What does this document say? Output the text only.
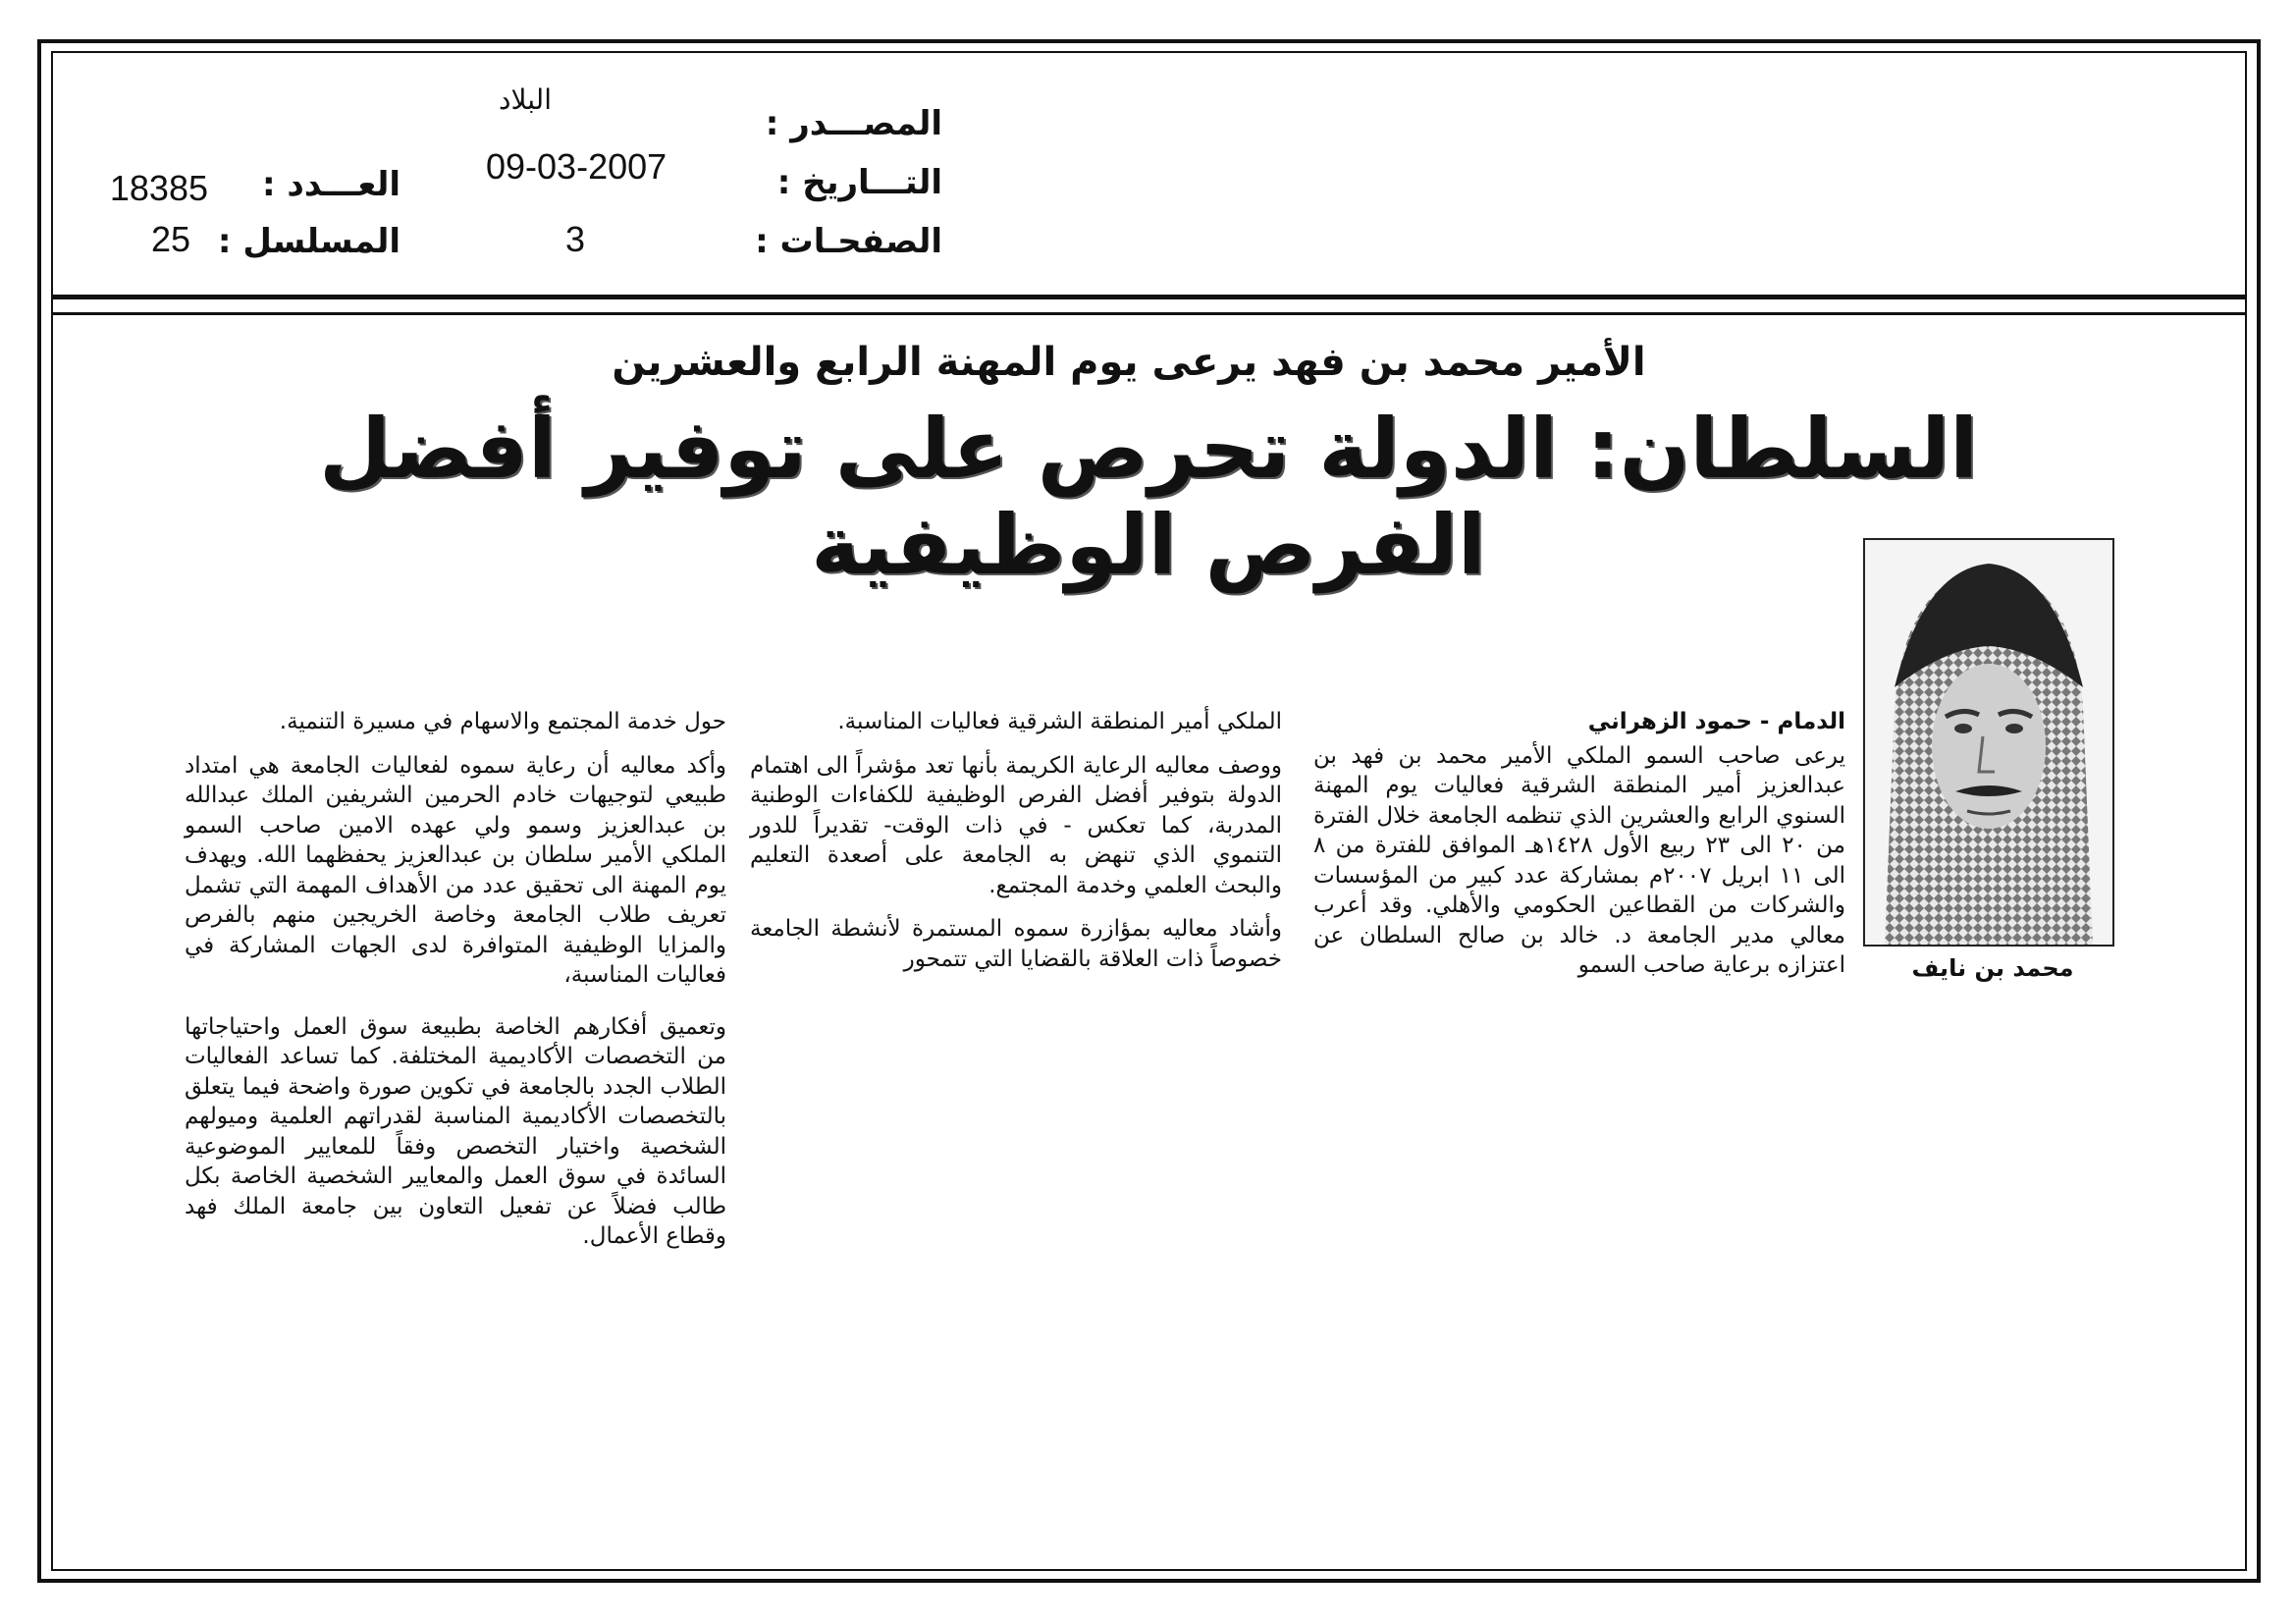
المصـــدر :
البلاد
التـــاريخ :
09-03-2007
الصفحـات :
3
العـــدد :
18385
المسلسل :
25
الأمير محمد بن فهد يرعى يوم المهنة الرابع والعشرين
السلطان: الدولة تحرص على توفير أفضل الفرص الوظيفية
محمد بن نايف
الدمام - حمود الزهراني
يرعى صاحب السمو الملكي الأمير محمد بن فهد بن عبدالعزيز أمير المنطقة الشرقية فعاليات يوم المهنة السنوي الرابع والعشرين الذي تنظمه الجامعة خلال الفترة من ٢٠ الى ٢٣ ربيع الأول ١٤٢٨هـ الموافق للفترة من ٨ الى ١١ ابريل ٢٠٠٧م بمشاركة عدد كبير من المؤسسات والشركات من القطاعين الحكومي والأهلي. وقد أعرب معالي مدير الجامعة د. خالد بن صالح السلطان عن اعتزازه برعاية صاحب السمو
الملكي أمير المنطقة الشرقية فعاليات المناسبة.
ووصف معاليه الرعاية الكريمة بأنها تعد مؤشراً الى اهتمام الدولة بتوفير أفضل الفرص الوظيفية للكفاءات الوطنية المدربة، كما تعكس - في ذات الوقت- تقديراً للدور التنموي الذي تنهض به الجامعة على أصعدة التعليم والبحث العلمي وخدمة المجتمع.
وأشاد معاليه بمؤازرة سموه المستمرة لأنشطة الجامعة خصوصاً ذات العلاقة بالقضايا التي تتمحور
حول خدمة المجتمع والاسهام في مسيرة التنمية.
وأكد معاليه أن رعاية سموه لفعاليات الجامعة هي امتداد طبيعي لتوجيهات خادم الحرمين الشريفين الملك عبدالله بن عبدالعزيز وسمو ولي عهده الامين صاحب السمو الملكي الأمير سلطان بن عبدالعزيز يحفظهما الله. ويهدف يوم المهنة الى تحقيق عدد من الأهداف المهمة التي تشمل تعريف طلاب الجامعة وخاصة الخريجين منهم بالفرص والمزايا الوظيفية المتوافرة لدى الجهات المشاركة في فعاليات المناسبة،
وتعميق أفكارهم الخاصة بطبيعة سوق العمل واحتياجاتها من التخصصات الأكاديمية المختلفة. كما تساعد الفعاليات الطلاب الجدد بالجامعة في تكوين صورة واضحة فيما يتعلق بالتخصصات الأكاديمية المناسبة لقدراتهم العلمية وميولهم الشخصية واختيار التخصص وفقاً للمعايير الموضوعية السائدة في سوق العمل والمعايير الشخصية الخاصة بكل طالب فضلاً عن تفعيل التعاون بين جامعة الملك فهد وقطاع الأعمال.
